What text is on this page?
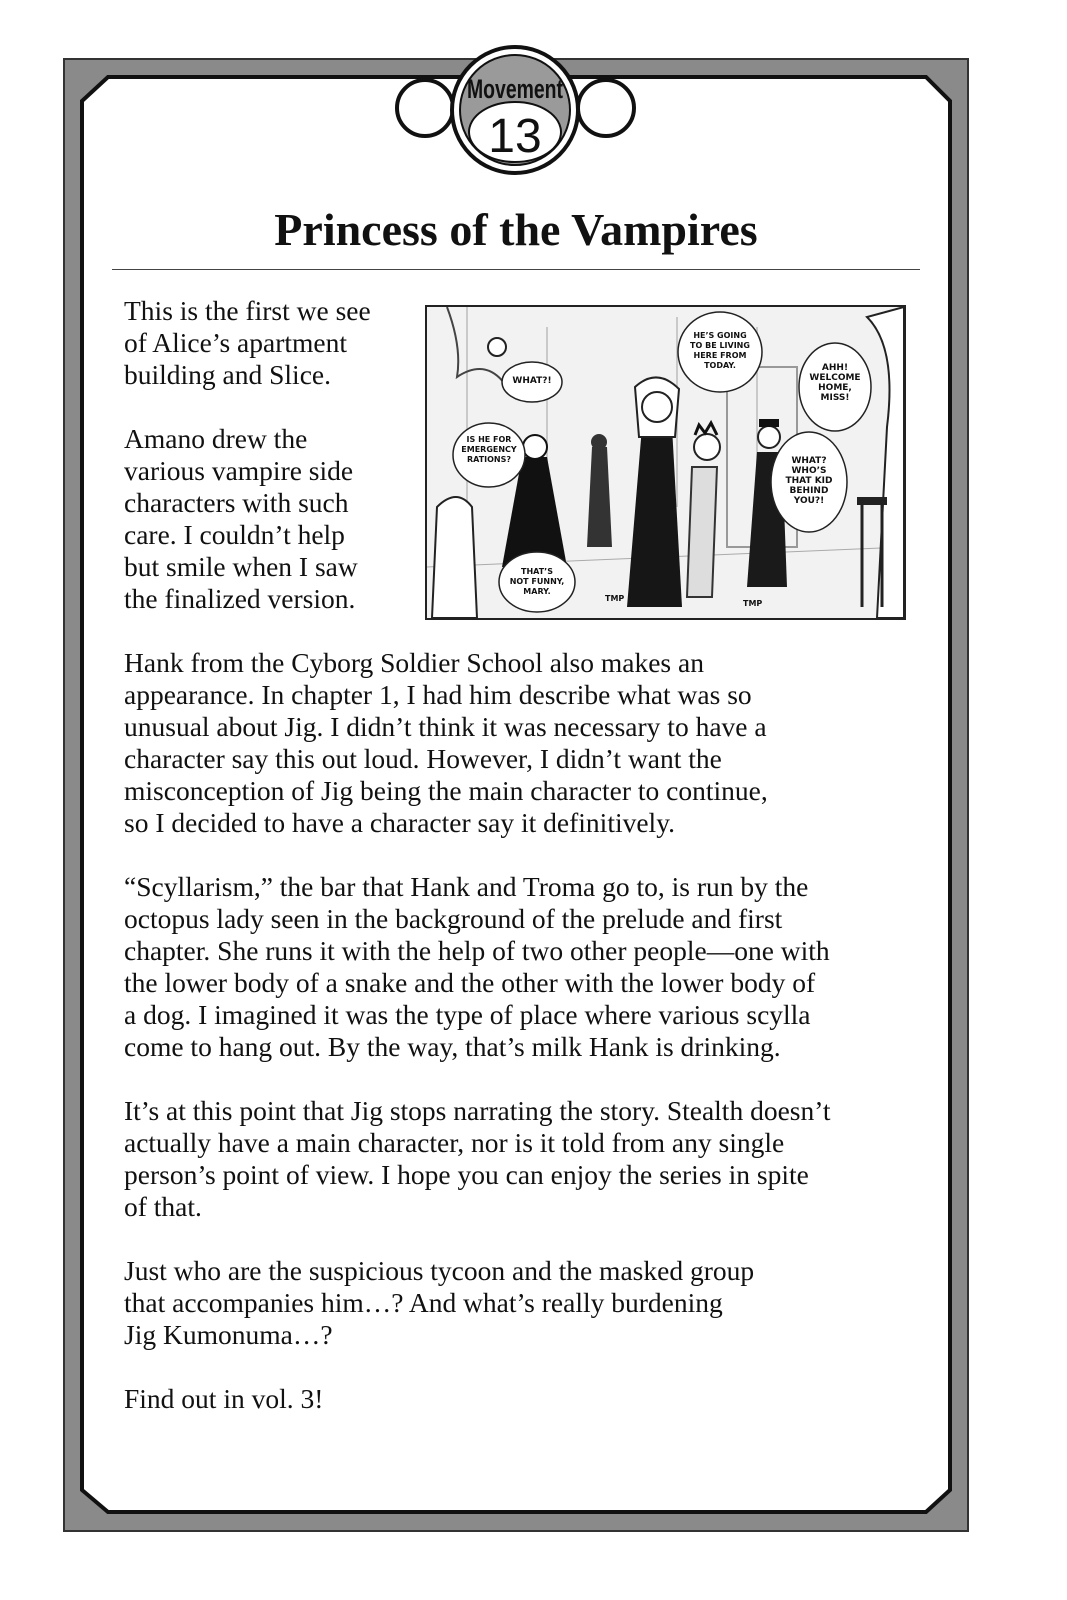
Movement
13
Princess of the Vampires

This is the first we see
of Alice’s apartment
building and Slice.

Amano drew the
various vampire side
characters with such
care. I couldn’t help
but smile when I saw
the finalized version.

WHAT?!
HE’S GOING
TO BE LIVING
HERE FROM
TODAY.	AHH!
WELCOME
HOME,
MISS!
IS HE FOR
EMERGENCY
RATIONS?	WHAT?
WHO’S
THAT KID
BEHIND
YOU?!
THAT’S
NOT FUNNY,
MARY.
TMP
TMP

Hank from the Cyborg Soldier School also makes an
appearance. In chapter 1, I had him describe what was so
unusual about Jig. I didn’t think it was necessary to have a
character say this out loud. However, I didn’t want the
misconception of Jig being the main character to continue,
so I decided to have a character say it definitively.

“Scyllarism,” the bar that Hank and Troma go to, is run by the
octopus lady seen in the background of the prelude and first
chapter. She runs it with the help of two other people—one with
the lower body of a snake and the other with the lower body of
a dog. I imagined it was the type of place where various scylla
come to hang out. By the way, that’s milk Hank is drinking.

It’s at this point that Jig stops narrating the story. Stealth doesn’t
actually have a main character, nor is it told from any single
person’s point of view. I hope you can enjoy the series in spite
of that.

Just who are the suspicious tycoon and the masked group
that accompanies him…? And what’s really burdening
Jig Kumonuma…?

Find out in vol. 3!
